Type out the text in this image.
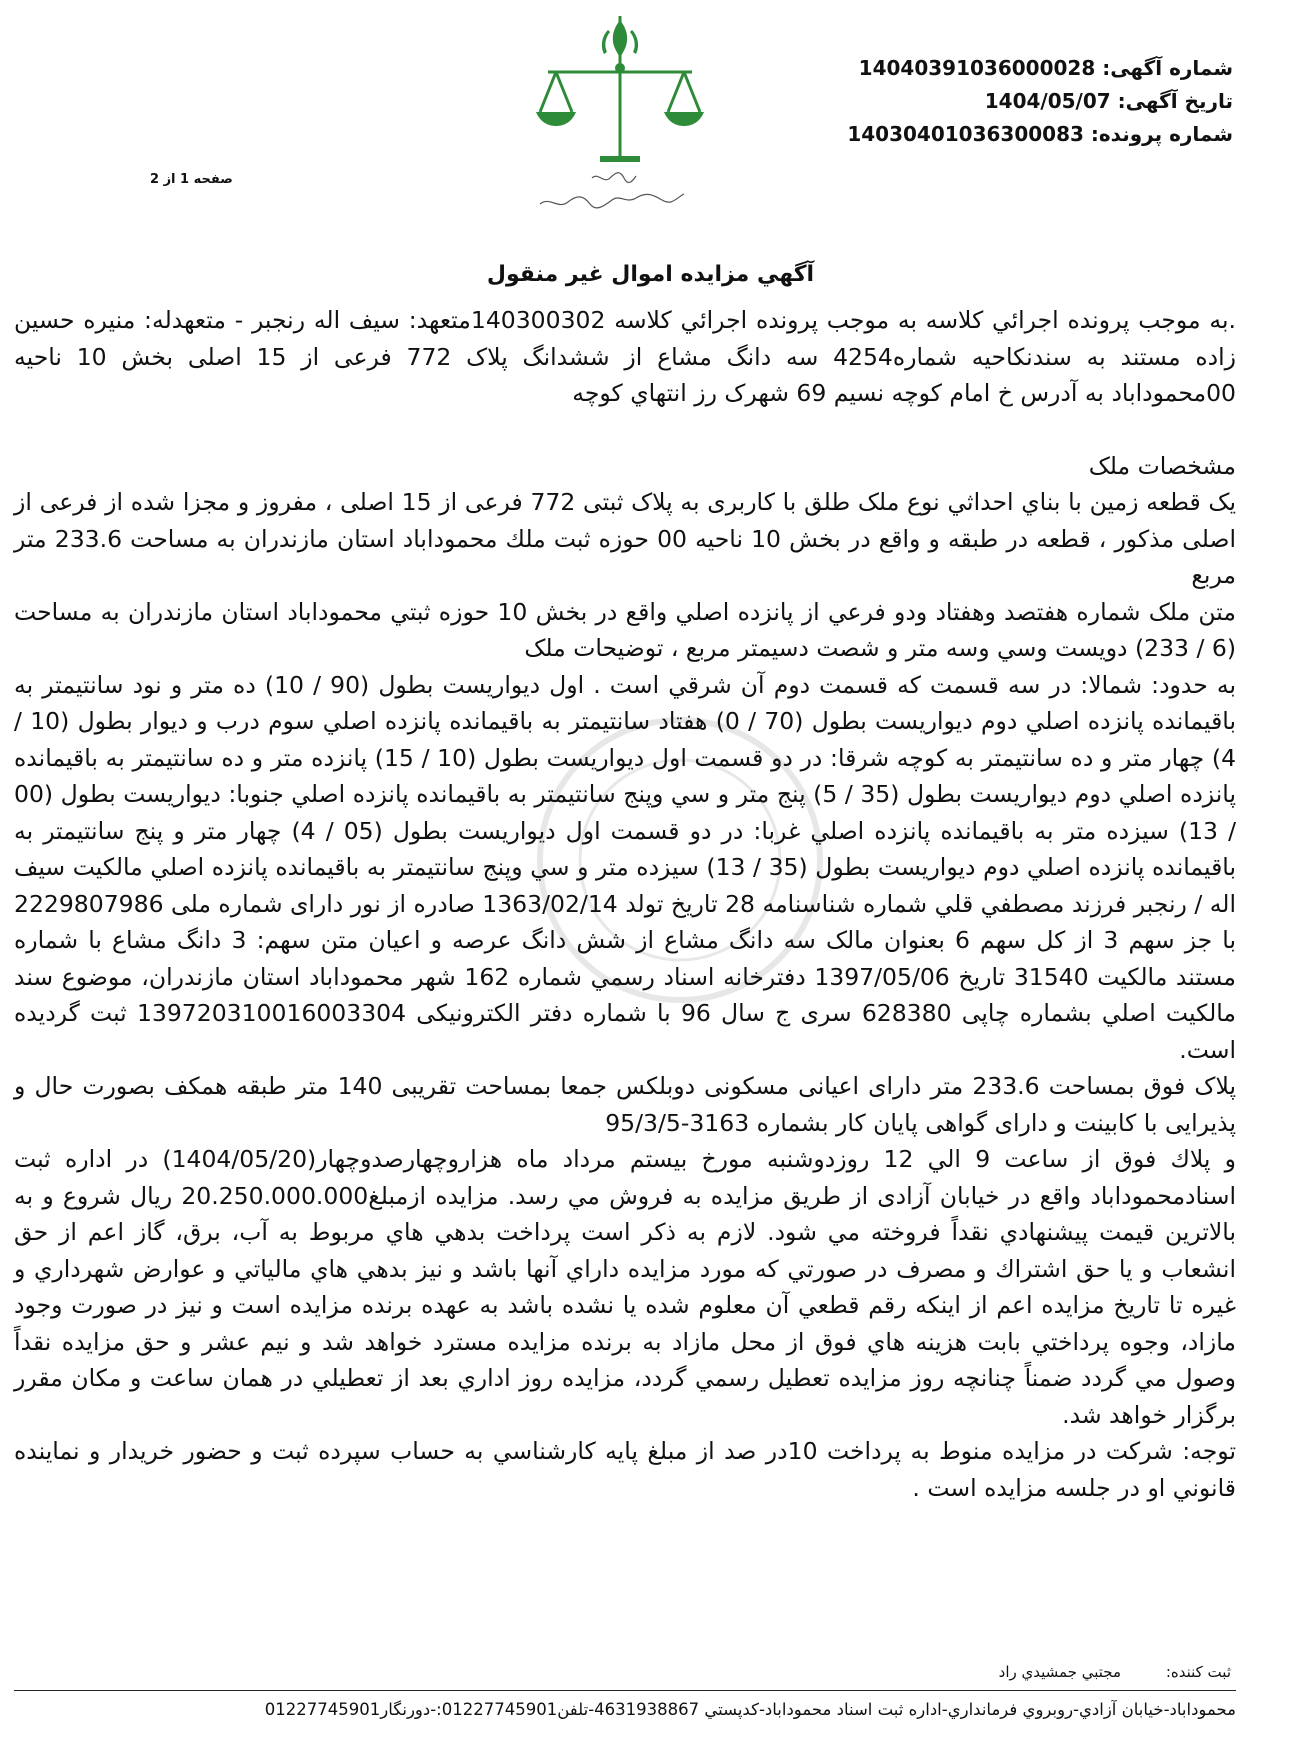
شماره آگهی: 14040391036000028
تاریخ آگهی: 1404/05/07
شماره پرونده: 14030401036300083
صفحه 1 از 2
آگهي مزايده اموال غير منقول

.به موجب پرونده اجرائي كلاسه به موجب پرونده اجرائي كلاسه 140300302متعهد: سيف اله رنجبر - متعهدله: منيره حسين زاده مستند به سندنكاحيه شماره4254 سه دانگ مشاع از ششدانگ پلاک 772 فرعی از 15 اصلی بخش 10 ناحيه 00محموداباد به آدرس خ امام كوچه نسيم 69 شهرک رز انتهاي كوچه

مشخصات ملک

يک قطعه زمين با بناي احداثي نوع ملک طلق با کاربری به پلاک ثبتی 772 فرعی از 15 اصلی ، مفروز و مجزا شده از فرعی از اصلی مذکور ، قطعه در طبقه و واقع در بخش 10 ناحيه 00 حوزه ثبت ملك محموداباد استان مازندران به مساحت 233.6 متر مربع

متن ملک شماره هفتصد وهفتاد ودو فرعي از پانزده اصلي واقع در بخش 10 حوزه ثبتي محموداباد استان مازندران به مساحت (6 / 233) دويست وسي وسه متر و شصت دسيمتر مربع ، توضيحات ملک

به حدود: شمالا: در سه قسمت كه قسمت دوم آن شرقي است . اول ديواريست بطول (90 / 10) ده متر و نود سانتيمتر به باقيمانده پانزده اصلي دوم ديواريست بطول (70 / 0) هفتاد سانتيمتر به باقيمانده پانزده اصلي سوم درب و ديوار بطول (10 / 4) چهار متر و ده سانتيمتر به كوچه شرقا: در دو قسمت اول ديواريست بطول (10 / 15) پانزده متر و ده سانتيمتر به باقيمانده پانزده اصلي دوم ديواريست بطول (35 / 5) پنج متر و سي وپنج سانتيمتر به باقيمانده پانزده اصلي جنوبا: ديواريست بطول (00 / 13) سيزده متر به باقيمانده پانزده اصلي غربا: در دو قسمت اول ديواريست بطول (05 / 4) چهار متر و پنج سانتيمتر به باقيمانده پانزده اصلي دوم ديواريست بطول (35 / 13) سيزده متر و سي وپنج سانتيمتر به باقيمانده پانزده اصلي مالكيت سيف اله / رنجبر فرزند مصطفي قلي شماره شناسنامه 28 تاريخ تولد 1363/02/14 صادره از نور داراى شماره ملى 2229807986 با جز سهم 3 از كل سهم 6 بعنوان مالک سه دانگ مشاع از شش دانگ عرصه و اعيان متن سهم: 3 دانگ مشاع با شماره مستند مالكيت 31540 تاريخ 1397/05/06 دفترخانه اسناد رسمي شماره 162 شهر محموداباد استان مازندران، موضوع سند مالكيت اصلي بشماره چاپی 628380 سری ج سال 96 با شماره دفتر الکترونیکی 139720310016003304 ثبت گرديده است.

پلاک فوق بمساحت 233.6 متر دارای اعيانی مسکونی دوبلکس جمعا بمساحت تقريبی 140 متر طبقه همکف بصورت حال و پذيرايی با کابينت و دارای گواهی پايان کار بشماره 3163-95/3/5

و پلاك فوق از ساعت 9 الي 12 روزدوشنبه مورخ بيستم مرداد ماه هزاروچهارصدوچهار(1404/05/20) در اداره ثبت اسنادمحموداباد واقع در خيابان آزادی از طريق مزايده به فروش مي رسد. مزايده ازمبلغ20.250.000.000 ريال شروع و به بالاترين قيمت پيشنهادي نقداً فروخته مي شود. لازم به ذكر است پرداخت بدهي هاي مربوط به آب، برق، گاز اعم از حق انشعاب و يا حق اشتراك و مصرف در صورتي كه مورد مزايده داراي آنها باشد و نيز بدهي هاي مالياتي و عوارض شهرداري و غيره تا تاريخ مزايده اعم از اينكه رقم قطعي آن معلوم شده يا نشده باشد به عهده برنده مزايده است و نيز در صورت وجود مازاد، وجوه پرداختي بابت هزينه هاي فوق از محل مازاد به برنده مزايده مسترد خواهد شد و نيم عشر و حق مزايده نقداً وصول مي گردد ضمناً چنانچه روز مزايده تعطيل رسمي گردد، مزايده روز اداري بعد از تعطيلي در همان ساعت و مكان مقرر برگزار خواهد شد.

توجه: شركت در مزايده منوط به پرداخت 10در صد از مبلغ پايه كارشناسي به حساب سپرده ثبت و حضور خريدار و نماينده قانوني او در جلسه مزايده است .

ثبت کننده: مجتبي جمشيدي راد
محموداباد-خيابان آزادي-روبروي فرمانداري-اداره ثبت اسناد محموداباد-کدپستي 4631938867-تلفن01227745901:-دورنگار01227745901
